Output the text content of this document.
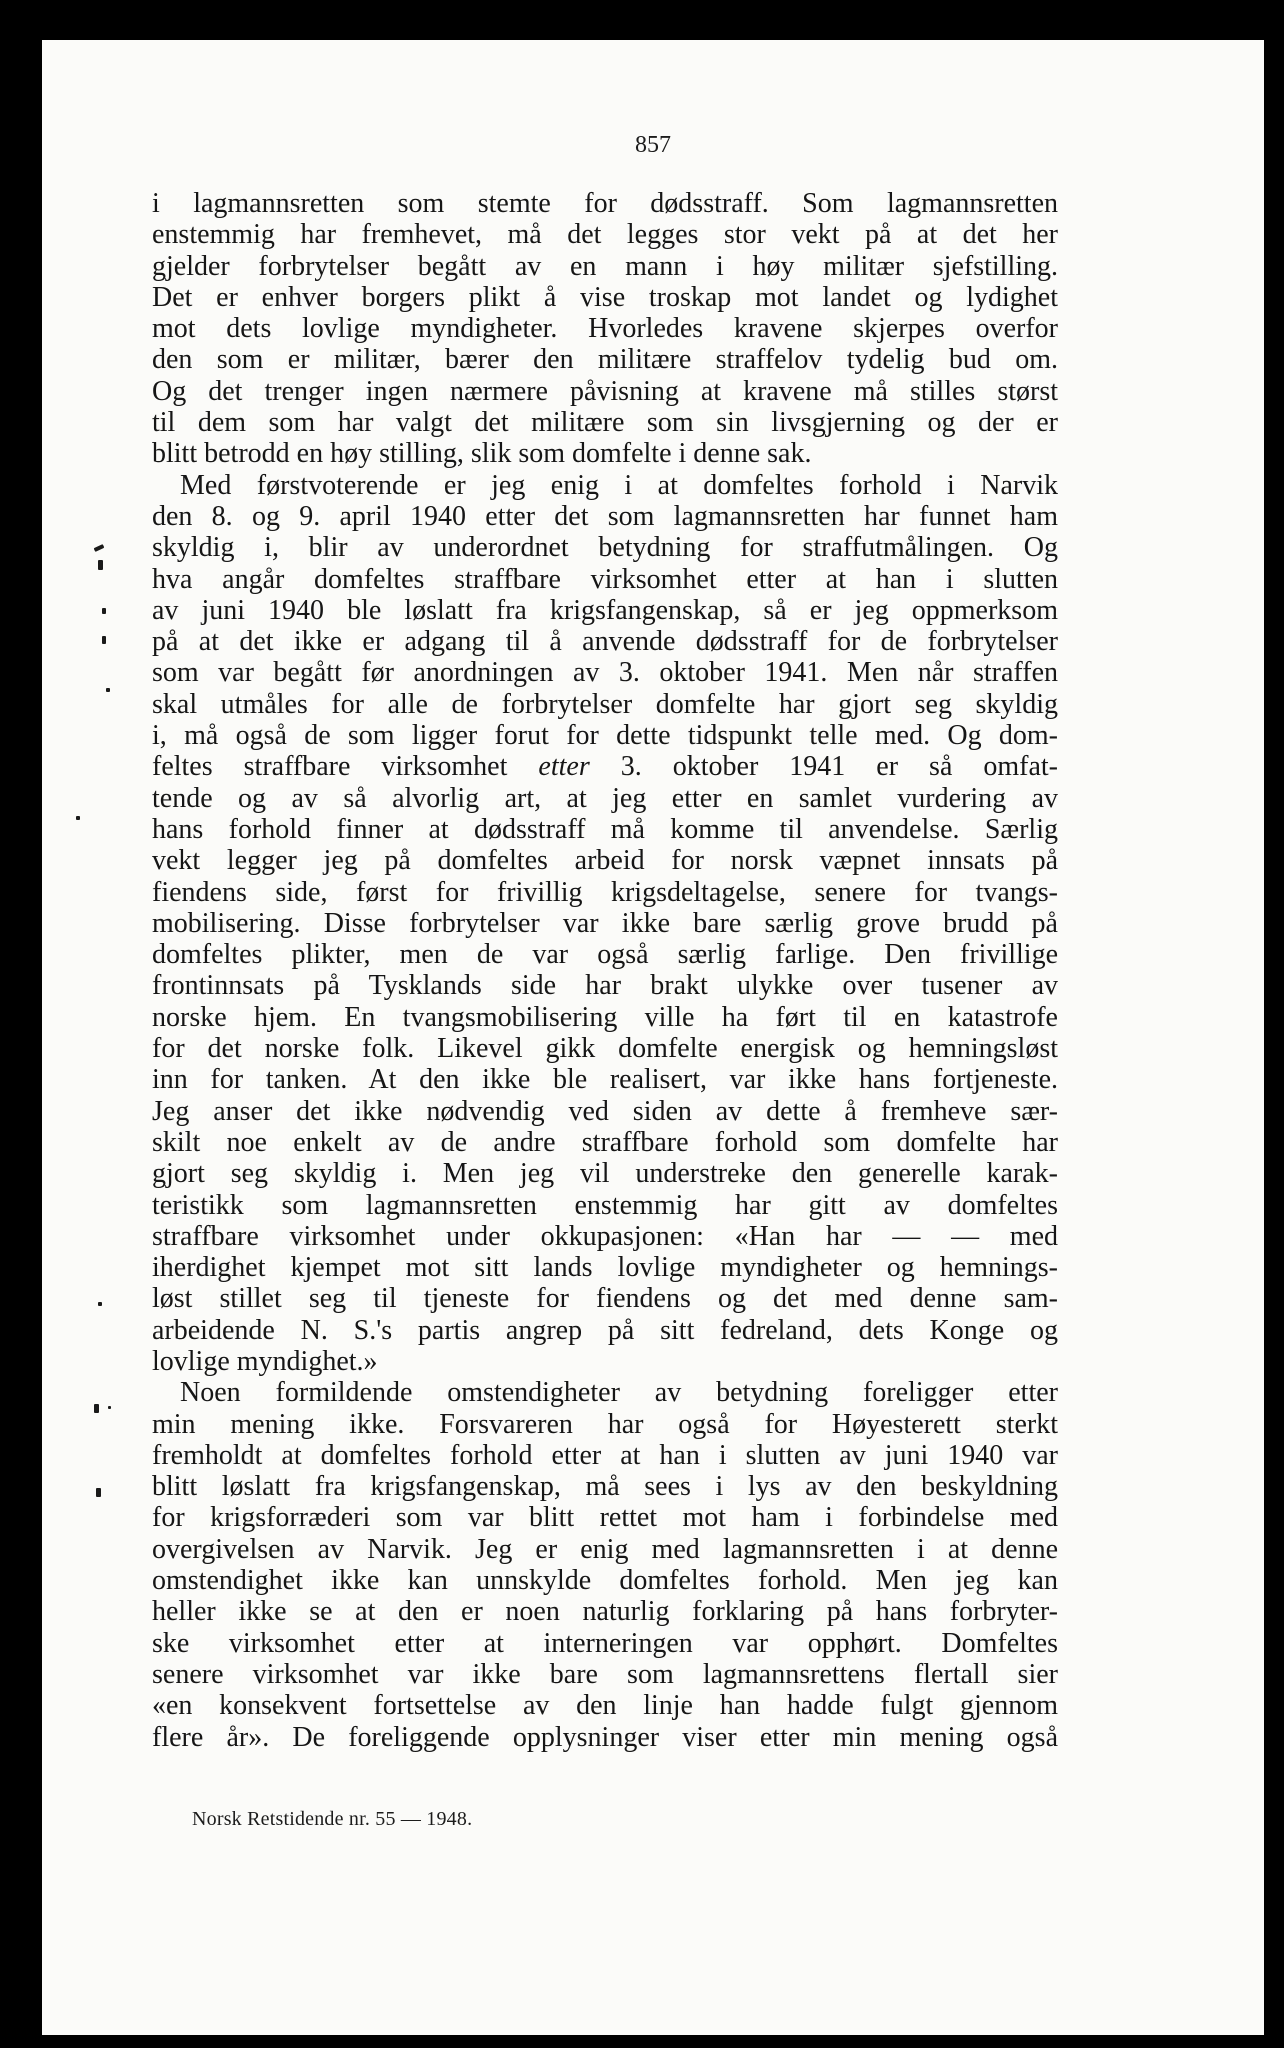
857
i lagmannsretten som stemte for dødsstraff. Som lagmannsretten
enstemmig har fremhevet, må det legges stor vekt på at det her
gjelder forbrytelser begått av en mann i høy militær sjefstilling.
Det er enhver borgers plikt å vise troskap mot landet og lydighet
mot dets lovlige myndigheter. Hvorledes kravene skjerpes overfor
den som er militær, bærer den militære straffelov tydelig bud om.
Og det trenger ingen nærmere påvisning at kravene må stilles størst
til dem som har valgt det militære som sin livsgjerning og der er
blitt betrodd en høy stilling, slik som domfelte i denne sak.
Med førstvoterende er jeg enig i at domfeltes forhold i Narvik
den 8. og 9. april 1940 etter det som lagmannsretten har funnet ham
skyldig i, blir av underordnet betydning for straffutmålingen. Og
hva angår domfeltes straffbare virksomhet etter at han i slutten
av juni 1940 ble løslatt fra krigsfangenskap, så er jeg oppmerksom
på at det ikke er adgang til å anvende dødsstraff for de forbrytelser
som var begått før anordningen av 3. oktober 1941. Men når straffen
skal utmåles for alle de forbrytelser domfelte har gjort seg skyldig
i, må også de som ligger forut for dette tidspunkt telle med. Og dom-
feltes straffbare virksomhet etter 3. oktober 1941 er så omfat-
tende og av så alvorlig art, at jeg etter en samlet vurdering av
hans forhold finner at dødsstraff må komme til anvendelse. Særlig
vekt legger jeg på domfeltes arbeid for norsk væpnet innsats på
fiendens side, først for frivillig krigsdeltagelse, senere for tvangs-
mobilisering. Disse forbrytelser var ikke bare særlig grove brudd på
domfeltes plikter, men de var også særlig farlige. Den frivillige
frontinnsats på Tysklands side har brakt ulykke over tusener av
norske hjem. En tvangsmobilisering ville ha ført til en katastrofe
for det norske folk. Likevel gikk domfelte energisk og hemningsløst
inn for tanken. At den ikke ble realisert, var ikke hans fortjeneste.
Jeg anser det ikke nødvendig ved siden av dette å fremheve sær-
skilt noe enkelt av de andre straffbare forhold som domfelte har
gjort seg skyldig i. Men jeg vil understreke den generelle karak-
teristikk som lagmannsretten enstemmig har gitt av domfeltes
straffbare virksomhet under okkupasjonen: «Han har — — med
iherdighet kjempet mot sitt lands lovlige myndigheter og hemnings-
løst stillet seg til tjeneste for fiendens og det med denne sam-
arbeidende N. S.'s partis angrep på sitt fedreland, dets Konge og
lovlige myndighet.»
Noen formildende omstendigheter av betydning foreligger etter
min mening ikke. Forsvareren har også for Høyesterett sterkt
fremholdt at domfeltes forhold etter at han i slutten av juni 1940 var
blitt løslatt fra krigsfangenskap, må sees i lys av den beskyldning
for krigsforræderi som var blitt rettet mot ham i forbindelse med
overgivelsen av Narvik. Jeg er enig med lagmannsretten i at denne
omstendighet ikke kan unnskylde domfeltes forhold. Men jeg kan
heller ikke se at den er noen naturlig forklaring på hans forbryter-
ske virksomhet etter at interneringen var opphørt. Domfeltes
senere virksomhet var ikke bare som lagmannsrettens flertall sier
«en konsekvent fortsettelse av den linje han hadde fulgt gjennom
flere år». De foreliggende opplysninger viser etter min mening også
Norsk Retstidende nr. 55 — 1948.
